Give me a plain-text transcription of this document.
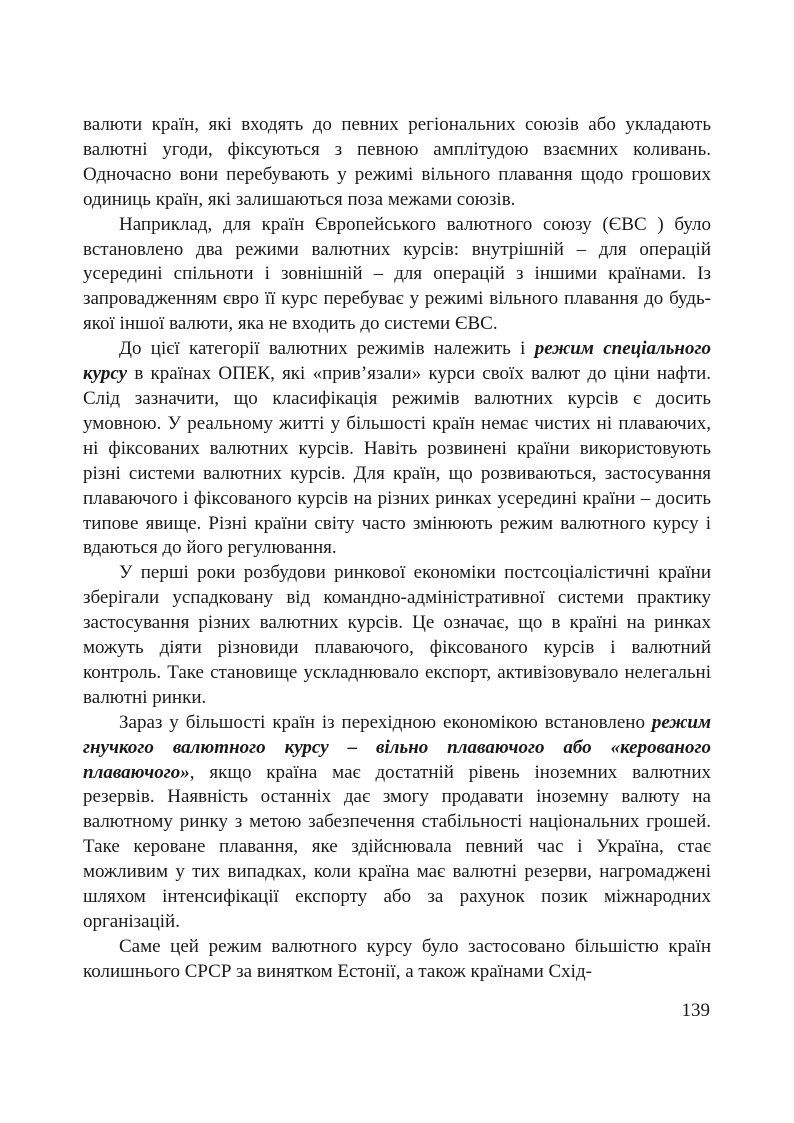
валюти країн, які входять до певних регіональних союзів або укладають валютні угоди, фіксуються з певною амплітудою взаємних коливань. Одночасно вони перебувають у режимі вільного плавання щодо грошових одиниць країн, які залишаються поза межами союзів.

Наприклад, для країн Європейського валютного союзу (ЄВС ) було встановлено два режими валютних курсів: внутрішній – для операцій усередині спільноти і зовнішній – для операцій з іншими країнами. Із запровадженням євро її курс перебуває у режимі вільного плавання до будь-якої іншої валюти, яка не входить до системи ЄВС.

До цієї категорії валютних режимів належить і режим спеціального курсу в країнах ОПЕК, які «прив’язали» курси своїх валют до ціни нафти. Слід зазначити, що класифікація режимів валютних курсів є досить умовною. У реальному житті у більшості країн немає чистих ні плаваючих, ні фіксованих валютних курсів. Навіть розвинені країни використовують різні системи валютних курсів. Для країн, що розвиваються, застосування плаваючого і фіксованого курсів на різних ринках усередині країни – досить типове явище. Різні країни світу часто змінюють режим валютного курсу і вдаються до його регулювання.

У перші роки розбудови ринкової економіки постсоціалістичні країни зберігали успадковану від командно-адміністративної системи практику застосування різних валютних курсів. Це означає, що в країні на ринках можуть діяти різновиди плаваючого, фіксованого курсів і валютний контроль. Таке становище ускладнювало експорт, активізовувало нелегальні валютні ринки.

Зараз у більшості країн із перехідною економікою встановлено режим гнучкого валютного курсу – вільно плаваючого або «керованого плаваючого», якщо країна має достатній рівень іноземних валютних резервів. Наявність останніх дає змогу продавати іноземну валюту на валютному ринку з метою забезпечення стабільності національних грошей. Таке кероване плавання, яке здійснювала певний час і Україна, стає можливим у тих випадках, коли країна має валютні резерви, нагромаджені шляхом інтенсифікації експорту або за рахунок позик міжнародних організацій.

Саме цей режим валютного курсу було застосовано більшістю країн колишнього СРСР за винятком Естонії, а також країнами Схід-

139
